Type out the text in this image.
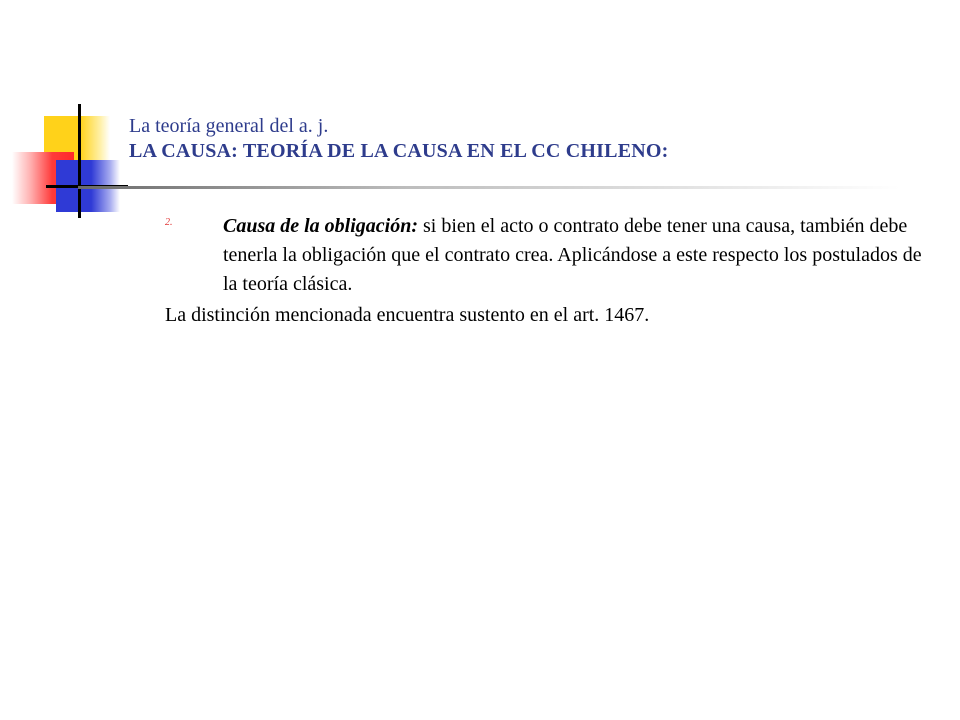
La teoría general del a. j.
LA CAUSA: TEORÍA DE LA CAUSA EN EL CC CHILENO:
2.	Causa de la obligación: si bien el acto o contrato debe tener una causa, también debe tenerla la obligación que el contrato crea. Aplicándose a este respecto los postulados de la teoría clásica.
La distinción mencionada encuentra sustento en el art. 1467.
